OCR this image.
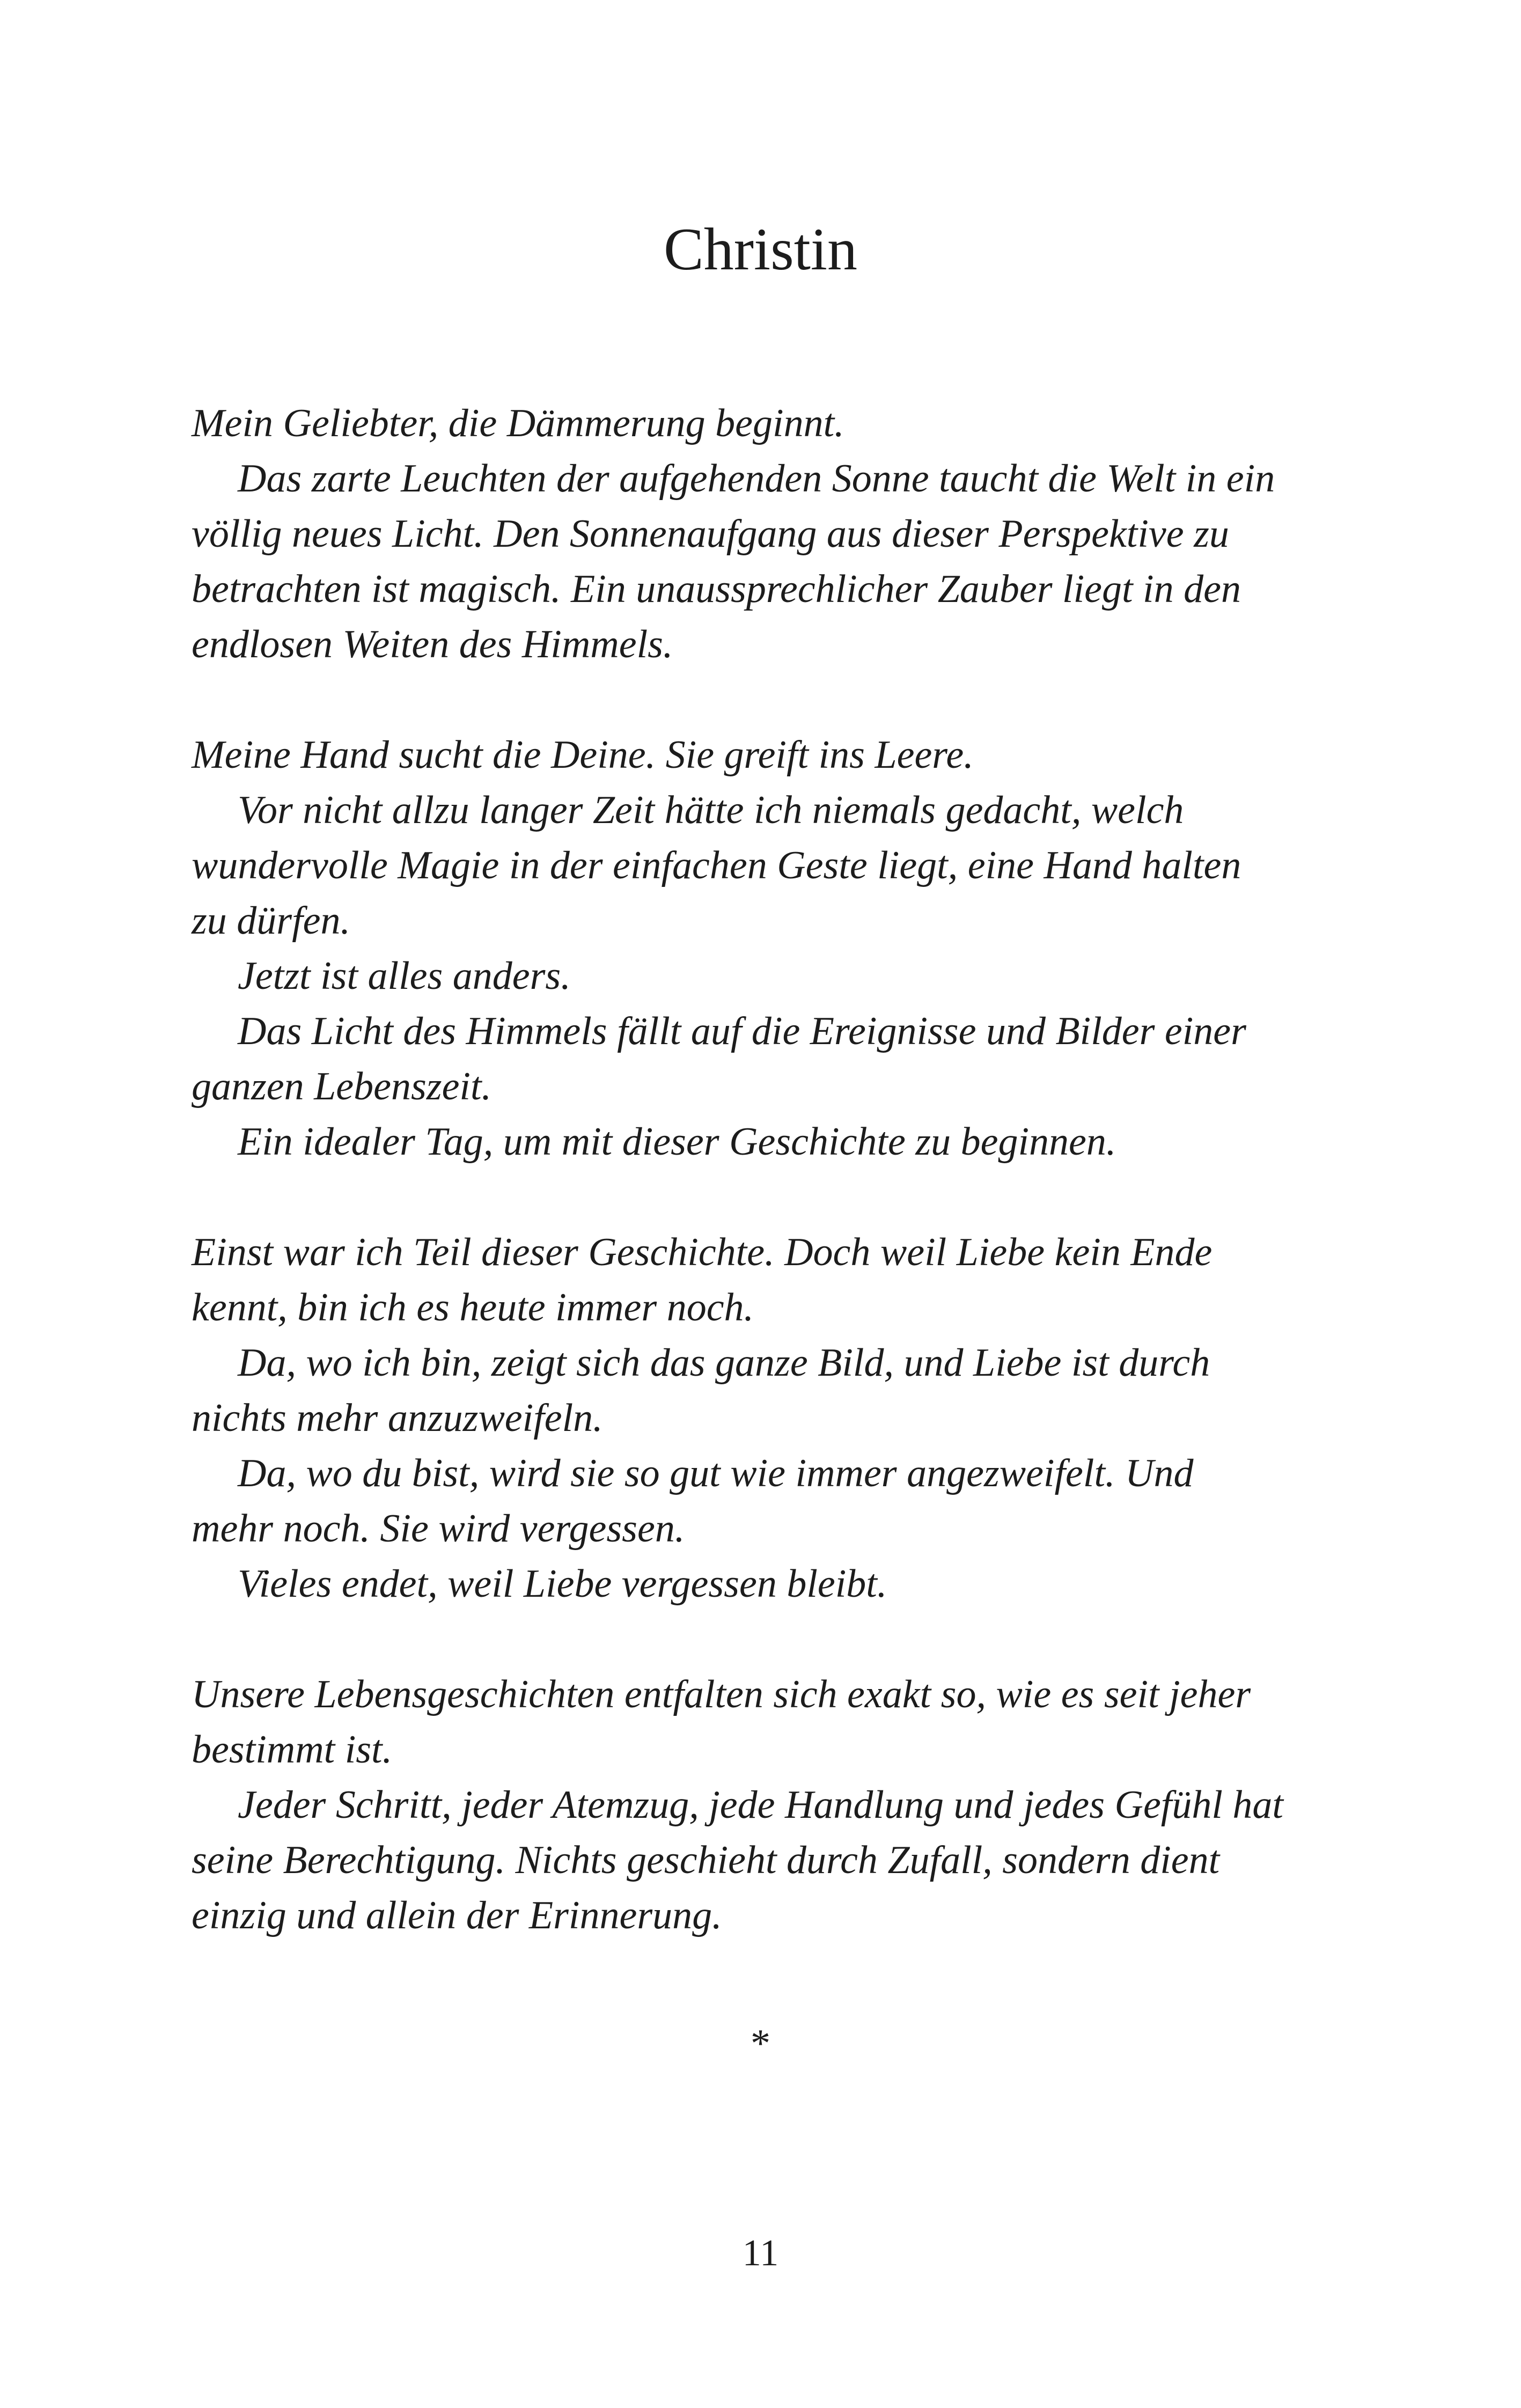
Christin

Mein Geliebter, die Dämmerung beginnt.

Das zarte Leuchten der aufgehenden Sonne taucht die Welt in ein völlig neues Licht. Den Sonnenaufgang aus dieser Perspektive zu betrachten ist magisch. Ein unaussprechlicher Zauber liegt in den endlosen Weiten des Himmels.

Meine Hand sucht die Deine. Sie greift ins Leere.

Vor nicht allzu langer Zeit hätte ich niemals gedacht, welch wundervolle Magie in der einfachen Geste liegt, eine Hand halten zu dürfen.

Jetzt ist alles anders.

Das Licht des Himmels fällt auf die Ereignisse und Bilder einer ganzen Lebenszeit.

Ein idealer Tag, um mit dieser Geschichte zu beginnen.

Einst war ich Teil dieser Geschichte. Doch weil Liebe kein Ende kennt, bin ich es heute immer noch.

Da, wo ich bin, zeigt sich das ganze Bild, und Liebe ist durch nichts mehr anzuzweifeln.

Da, wo du bist, wird sie so gut wie immer angezweifelt. Und mehr noch. Sie wird vergessen.

Vieles endet, weil Liebe vergessen bleibt.

Unsere Lebensgeschichten entfalten sich exakt so, wie es seit jeher bestimmt ist.

Jeder Schritt, jeder Atemzug, jede Handlung und jedes Gefühl hat seine Berechtigung. Nichts geschieht durch Zufall, sondern dient einzig und allein der Erinnerung.

*
11
